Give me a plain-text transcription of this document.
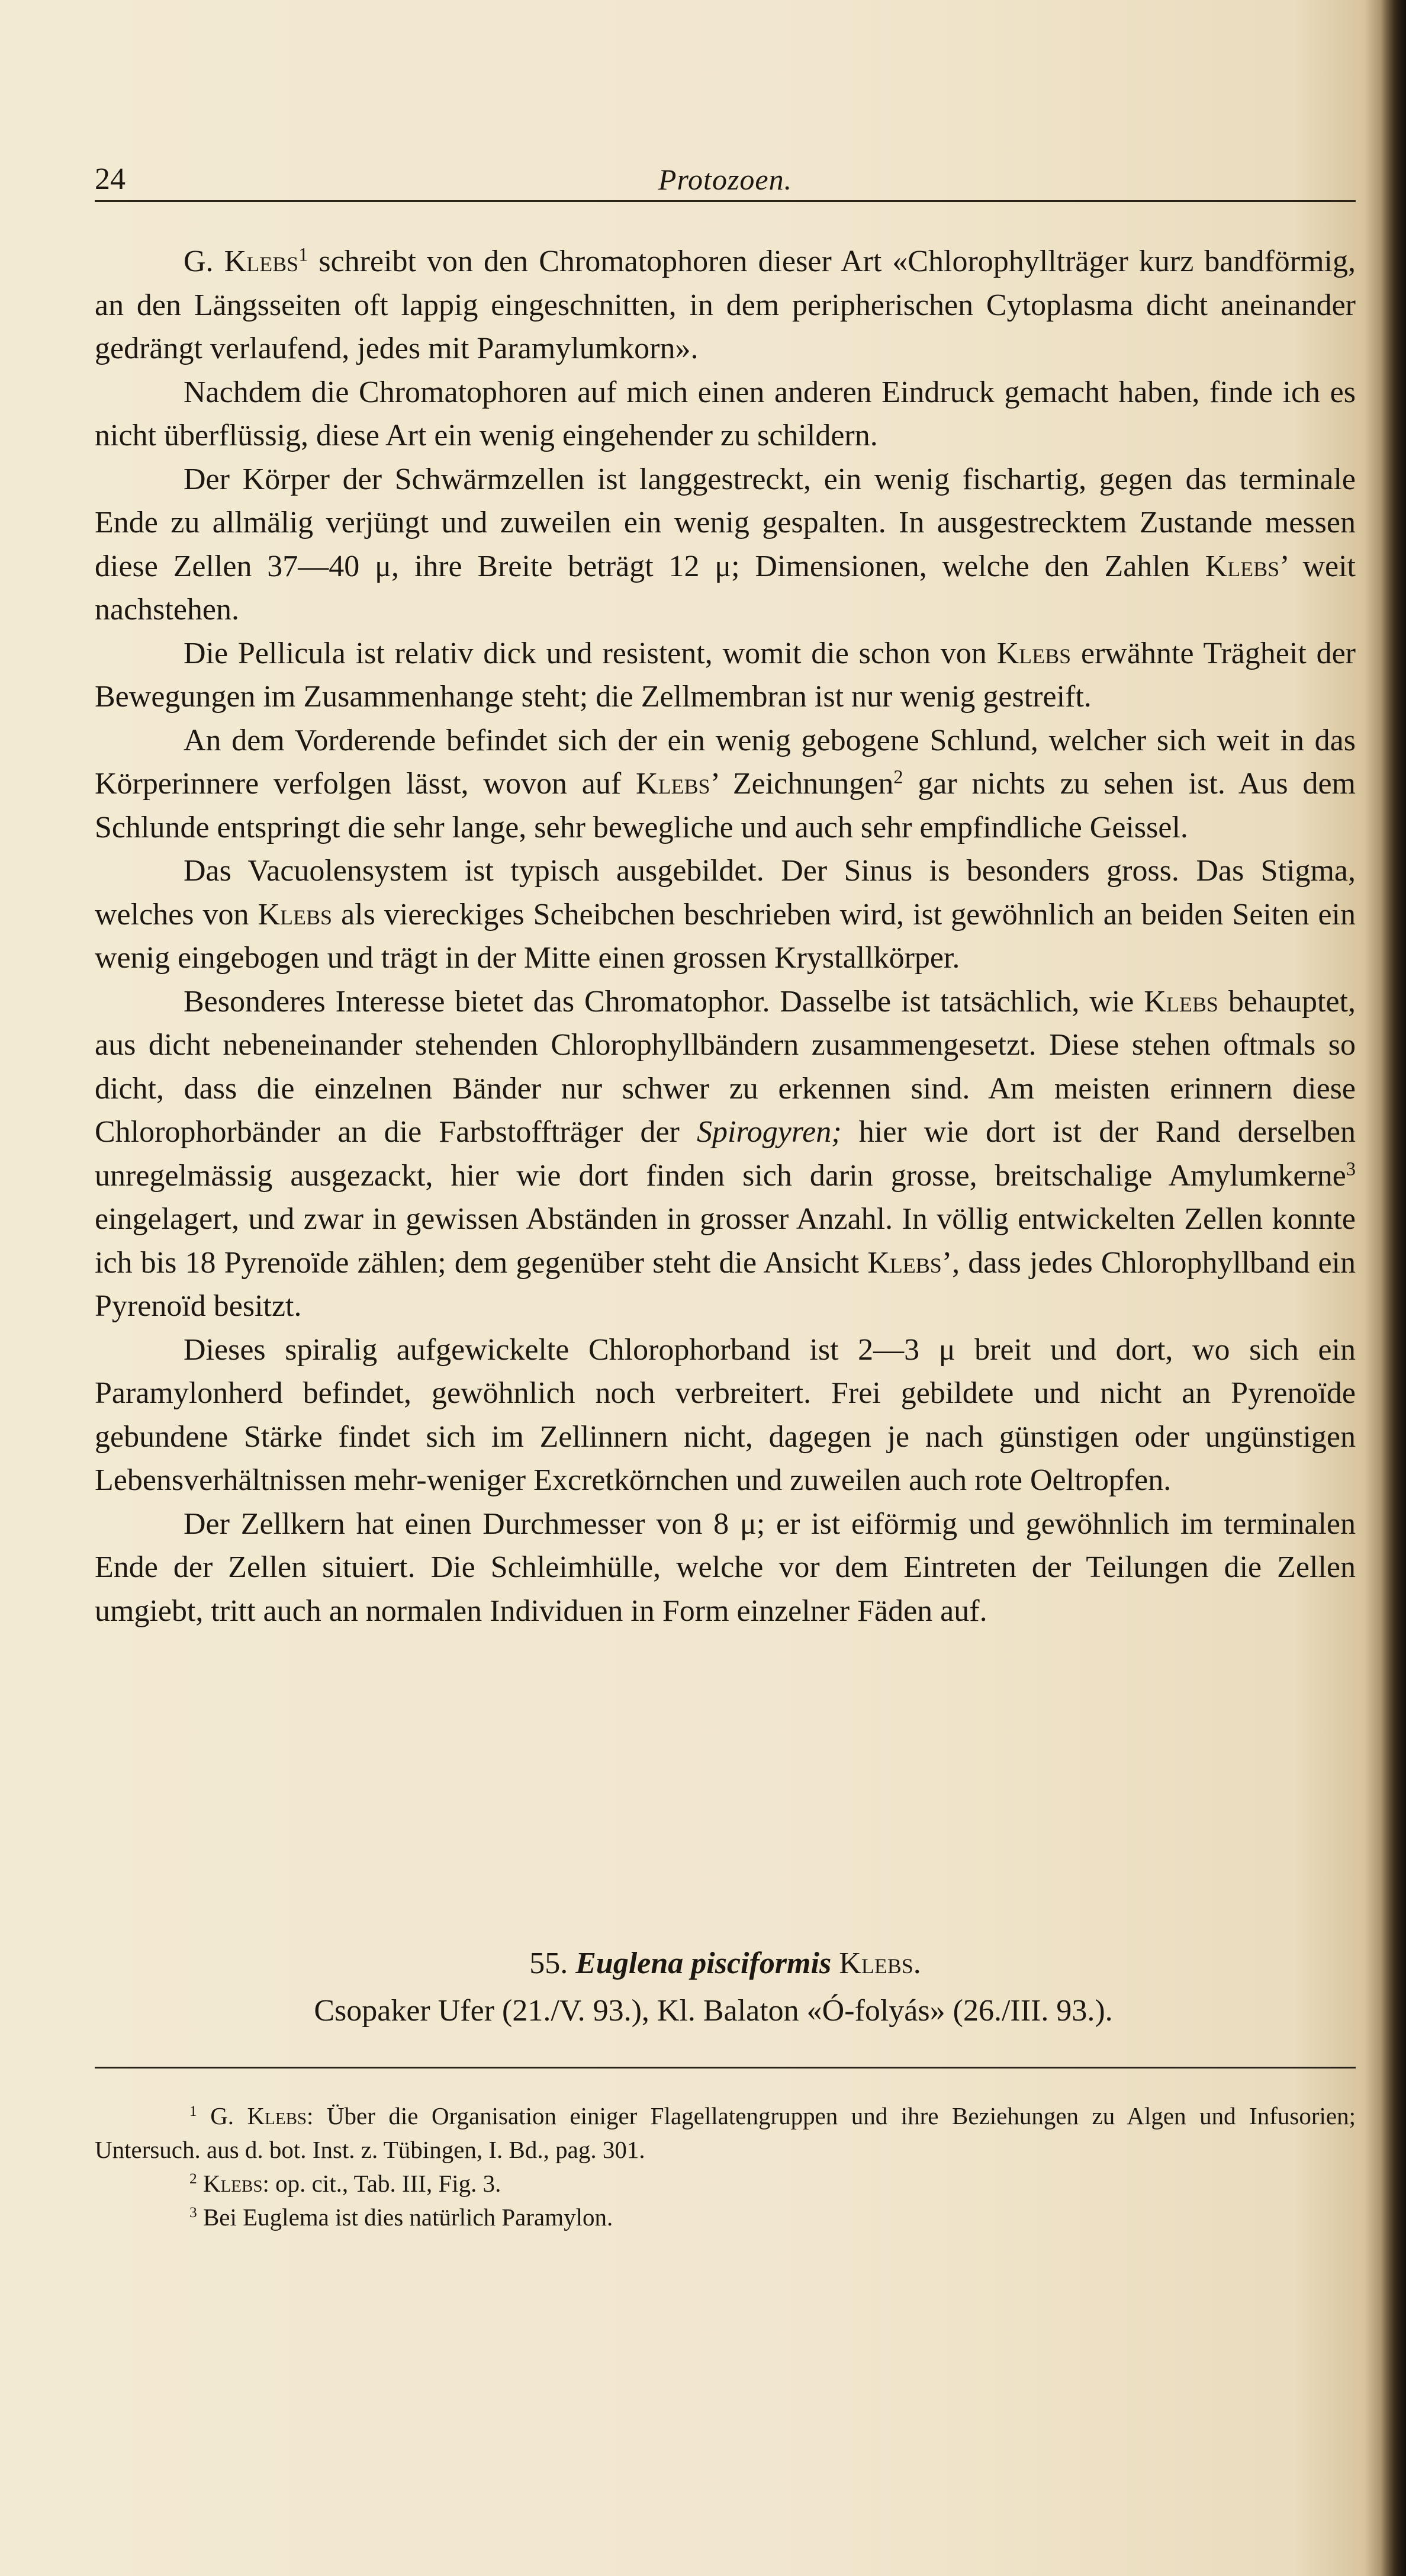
24	Protozoen.

G. Klebs$^1$ schreibt von den Chromatophoren dieser Art «Chlorophyllträger kurz bandförmig, an den Längsseiten oft lappig eingeschnitten, in dem peripherischen Cytoplasma dicht aneinander gedrängt verlaufend, jedes mit Paramylumkorn».

Nachdem die Chromatophoren auf mich einen anderen Eindruck gemacht haben, finde ich es nicht überflüssig, diese Art ein wenig eingehender zu schildern.

Der Körper der Schwärmzellen ist langgestreckt, ein wenig fischartig, gegen das terminale Ende zu allmälig verjüngt und zuweilen ein wenig gespalten. In ausgestrecktem Zustande messen diese Zellen 37—40 μ, ihre Breite beträgt 12 μ; Dimensionen, welche den Zahlen Klebs’ weit nachstehen.

Die Pellicula ist relativ dick und resistent, womit die schon von Klebs erwähnte Trägheit der Bewegungen im Zusammenhange steht; die Zellmembran ist nur wenig gestreift.

An dem Vorderende befindet sich der ein wenig gebogene Schlund, welcher sich weit in das Körperinnere verfolgen lässt, wovon auf Klebs’ Zeichnungen$^2$ gar nichts zu sehen ist. Aus dem Schlunde entspringt die sehr lange, sehr bewegliche und auch sehr empfindliche Geissel.

Das Vacuolensystem ist typisch ausgebildet. Der Sinus is besonders gross. Das Stigma, welches von Klebs als viereckiges Scheibchen beschrieben wird, ist gewöhnlich an beiden Seiten ein wenig eingebogen und trägt in der Mitte einen grossen Krystallkörper.

Besonderes Interesse bietet das Chromatophor. Dasselbe ist tatsächlich, wie Klebs behauptet, aus dicht nebeneinander stehenden Chlorophyllbändern zusammengesetzt. Diese stehen oftmals so dicht, dass die einzelnen Bänder nur schwer zu erkennen sind. Am meisten erinnern diese Chlorophorbänder an die Farbstoffträger der Spirogyren; hier wie dort ist der Rand derselben unregelmässig ausgezackt, hier wie dort finden sich darin grosse, breitschalige Amylumkerne$^3$ eingelagert, und zwar in gewissen Abständen in grosser Anzahl. In völlig entwickelten Zellen konnte ich bis 18 Pyrenoïde zählen; dem gegenüber steht die Ansicht Klebs’, dass jedes Chlorophyllband ein Pyrenoïd besitzt.

Dieses spiralig aufgewickelte Chlorophorband ist 2—3 μ breit und dort, wo sich ein Paramylonherd befindet, gewöhnlich noch verbreitert. Frei gebildete und nicht an Pyrenoïde gebundene Stärke findet sich im Zellinnern nicht, dagegen je nach günstigen oder ungünstigen Lebensverhältnissen mehr-weniger Excretkörnchen und zuweilen auch rote Oeltropfen.

Der Zellkern hat einen Durchmesser von 8 μ; er ist eiförmig und gewöhnlich im terminalen Ende der Zellen situiert. Die Schleimhülle, welche vor dem Eintreten der Teilungen die Zellen umgiebt, tritt auch an normalen Individuen in Form einzelner Fäden auf.

55. Euglena pisciformis Klebs.
Csopaker Ufer (21./V. 93.), Kl. Balaton «Ó-folyás» (26./III. 93.).

$^1$ G. Klebs: Über die Organisation einiger Flagellatengruppen und ihre Beziehungen zu Algen und Infusorien; Untersuch. aus d. bot. Inst. z. Tübingen, I. Bd., pag. 301.

$^2$ Klebs: op. cit., Tab. III, Fig. 3.

$^3$ Bei Euglema ist dies natürlich Paramylon.
